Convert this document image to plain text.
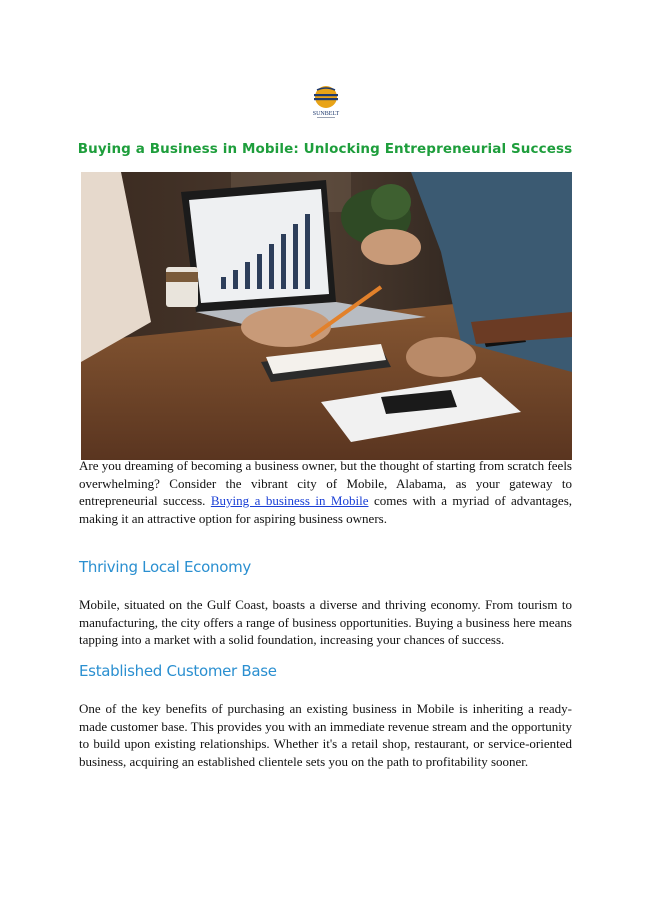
SUNBELT
Buying a Business in Mobile: Unlocking Entrepreneurial Success

Are you dreaming of becoming a business owner, but the thought of starting from scratch feels overwhelming? Consider the vibrant city of Mobile, Alabama, as your gateway to entrepreneurial success. Buying a business in Mobile comes with a myriad of advantages, making it an attractive option for aspiring business owners.

Thriving Local Economy

Mobile, situated on the Gulf Coast, boasts a diverse and thriving economy. From tourism to manufacturing, the city offers a range of business opportunities. Buying a business here means tapping into a market with a solid foundation, increasing your chances of success.

Established Customer Base

One of the key benefits of purchasing an existing business in Mobile is inheriting a ready-made customer base. This provides you with an immediate revenue stream and the opportunity to build upon existing relationships. Whether it's a retail shop, restaurant, or service-oriented business, acquiring an established clientele sets you on the path to profitability sooner.
